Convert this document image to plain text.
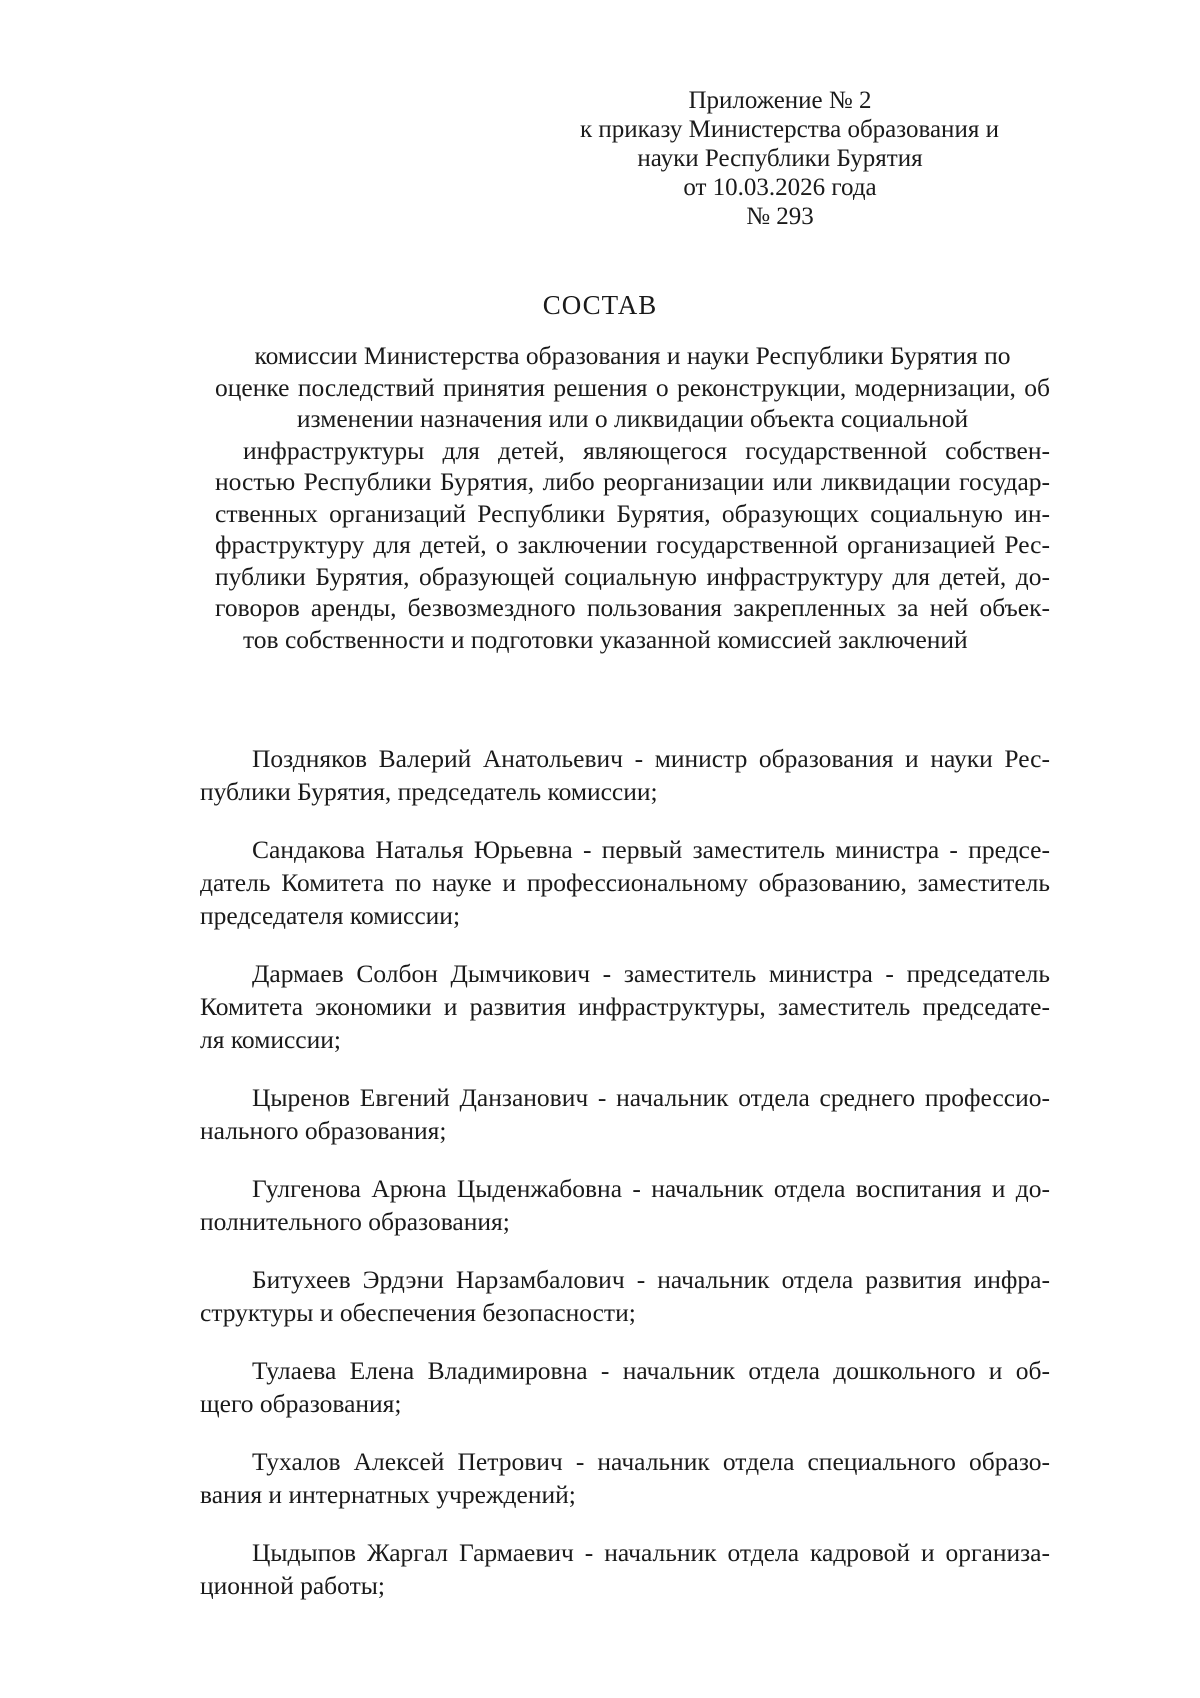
Приложение № 2
к приказу Министерства образования и
науки Республики Бурятия
от 10.03.2026 года
№ 293
СОСТАВ
комиссии Министерства образования и науки Республики Бурятия по
оценке последствий принятия решения о реконструкции, модернизации, об
изменении назначения или о ликвидации объекта социальной
инфраструктуры для детей, являющегося государственной собствен-
ностью Республики Бурятия, либо реорганизации или ликвидации государ-
ственных организаций Республики Бурятия, образующих социальную ин-
фраструктуру для детей, о заключении государственной организацией Рес-
публики Бурятия, образующей социальную инфраструктуру для детей, до-
говоров аренды, безвозмездного пользования закрепленных за ней объек-
тов собственности и подготовки указанной комиссией заключений
Поздняков Валерий Анатольевич - министр образования и науки Рес-
публики Бурятия, председатель комиссии;
Сандакова Наталья Юрьевна - первый заместитель министра - предсе-
датель Комитета по науке и профессиональному образованию, заместитель
председателя комиссии;
Дармаев Солбон Дымчикович - заместитель министра - председатель
Комитета экономики и развития инфраструктуры, заместитель председате-
ля комиссии;
Цыренов Евгений Данзанович - начальник отдела среднего профессио-
нального образования;
Гулгенова Арюна Цыденжабовна - начальник отдела воспитания и до-
полнительного образования;
Битухеев Эрдэни Нарзамбалович - начальник отдела развития инфра-
структуры и обеспечения безопасности;
Тулаева Елена Владимировна - начальник отдела дошкольного и об-
щего образования;
Тухалов Алексей Петрович - начальник отдела специального образо-
вания и интернатных учреждений;
Цыдыпов Жаргал Гармаевич - начальник отдела кадровой и организа-
ционной работы;
